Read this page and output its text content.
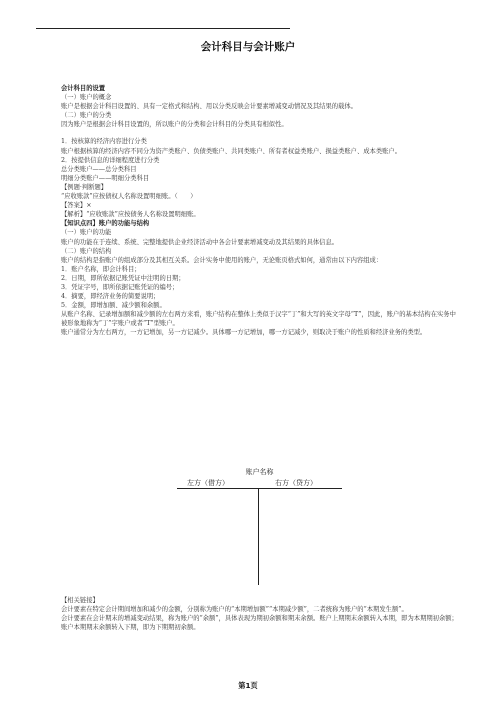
会计科目与会计账户

会计科目的设置

（一）账户的概念

账户是根据会计科目设置的、具有一定格式和结构、用以分类反映会计要素增减变动情况及其结果的载体。

（二）账户的分类

因为账户是根据会计科目设置的，所以账户的分类和会计科目的分类具有相似性。

1．按核算的经济内容进行分类

账户根据核算的经济内容不同分为资产类账户、负债类账户、共同类账户、所有者权益类账户、损益类账户、成本类账户。

2．按提供信息的详细程度进行分类

总分类账户——总分类科目

明细分类账户——明细分类科目

【例题·判断题】

“应收账款”应按债权人名称设置明细账。（　　）

【答案】×

【解析】“应收账款”应按债务人名称设置明细账。

【知识点四】账户的功能与结构

（一）账户的功能

账户的功能在于连续、系统、完整地提供企业经济活动中各会计要素增减变动及其结果的具体信息。

（二）账户的结构

账户的结构是指账户的组成部分及其相互关系。会计实务中使用的账户，无论账页格式如何，通常由以下内容组成：

1．账户名称，即会计科目；

2．日期，即所依据记账凭证中注明的日期；

3．凭证字号，即所依据记账凭证的编号；

4．摘要，即经济业务的简要说明；

5．金额，即增加额、减少额和余额。

从账户名称、记录增加额和减少额的左右两方来看，账户结构在整体上类似于汉字“丁”和大写的英文字母“T”，因此，账户的基本结构在实务中被形象地称为“丁”字账户或者“T”型账户。

账户通常分为左右两方，一方记增加，另一方记减少。具体哪一方记增加，哪一方记减少，则取决于账户的性质和经济业务的类型。

账户名称
左方（借方）	右方（贷方）

【相关链接】

会计要素在特定会计期间增加和减少的金额，分别称为账户的“本期增加额”“本期减少额”，二者统称为账户的“本期发生额”。

会计要素在会计期末的增减变动结果，称为账户的“余额”，具体表现为期初余额和期末余额。账户上期期末余额转入本期，即为本期期初余额；账户本期期末余额转入下期，即为下期期初余额。

第1页
